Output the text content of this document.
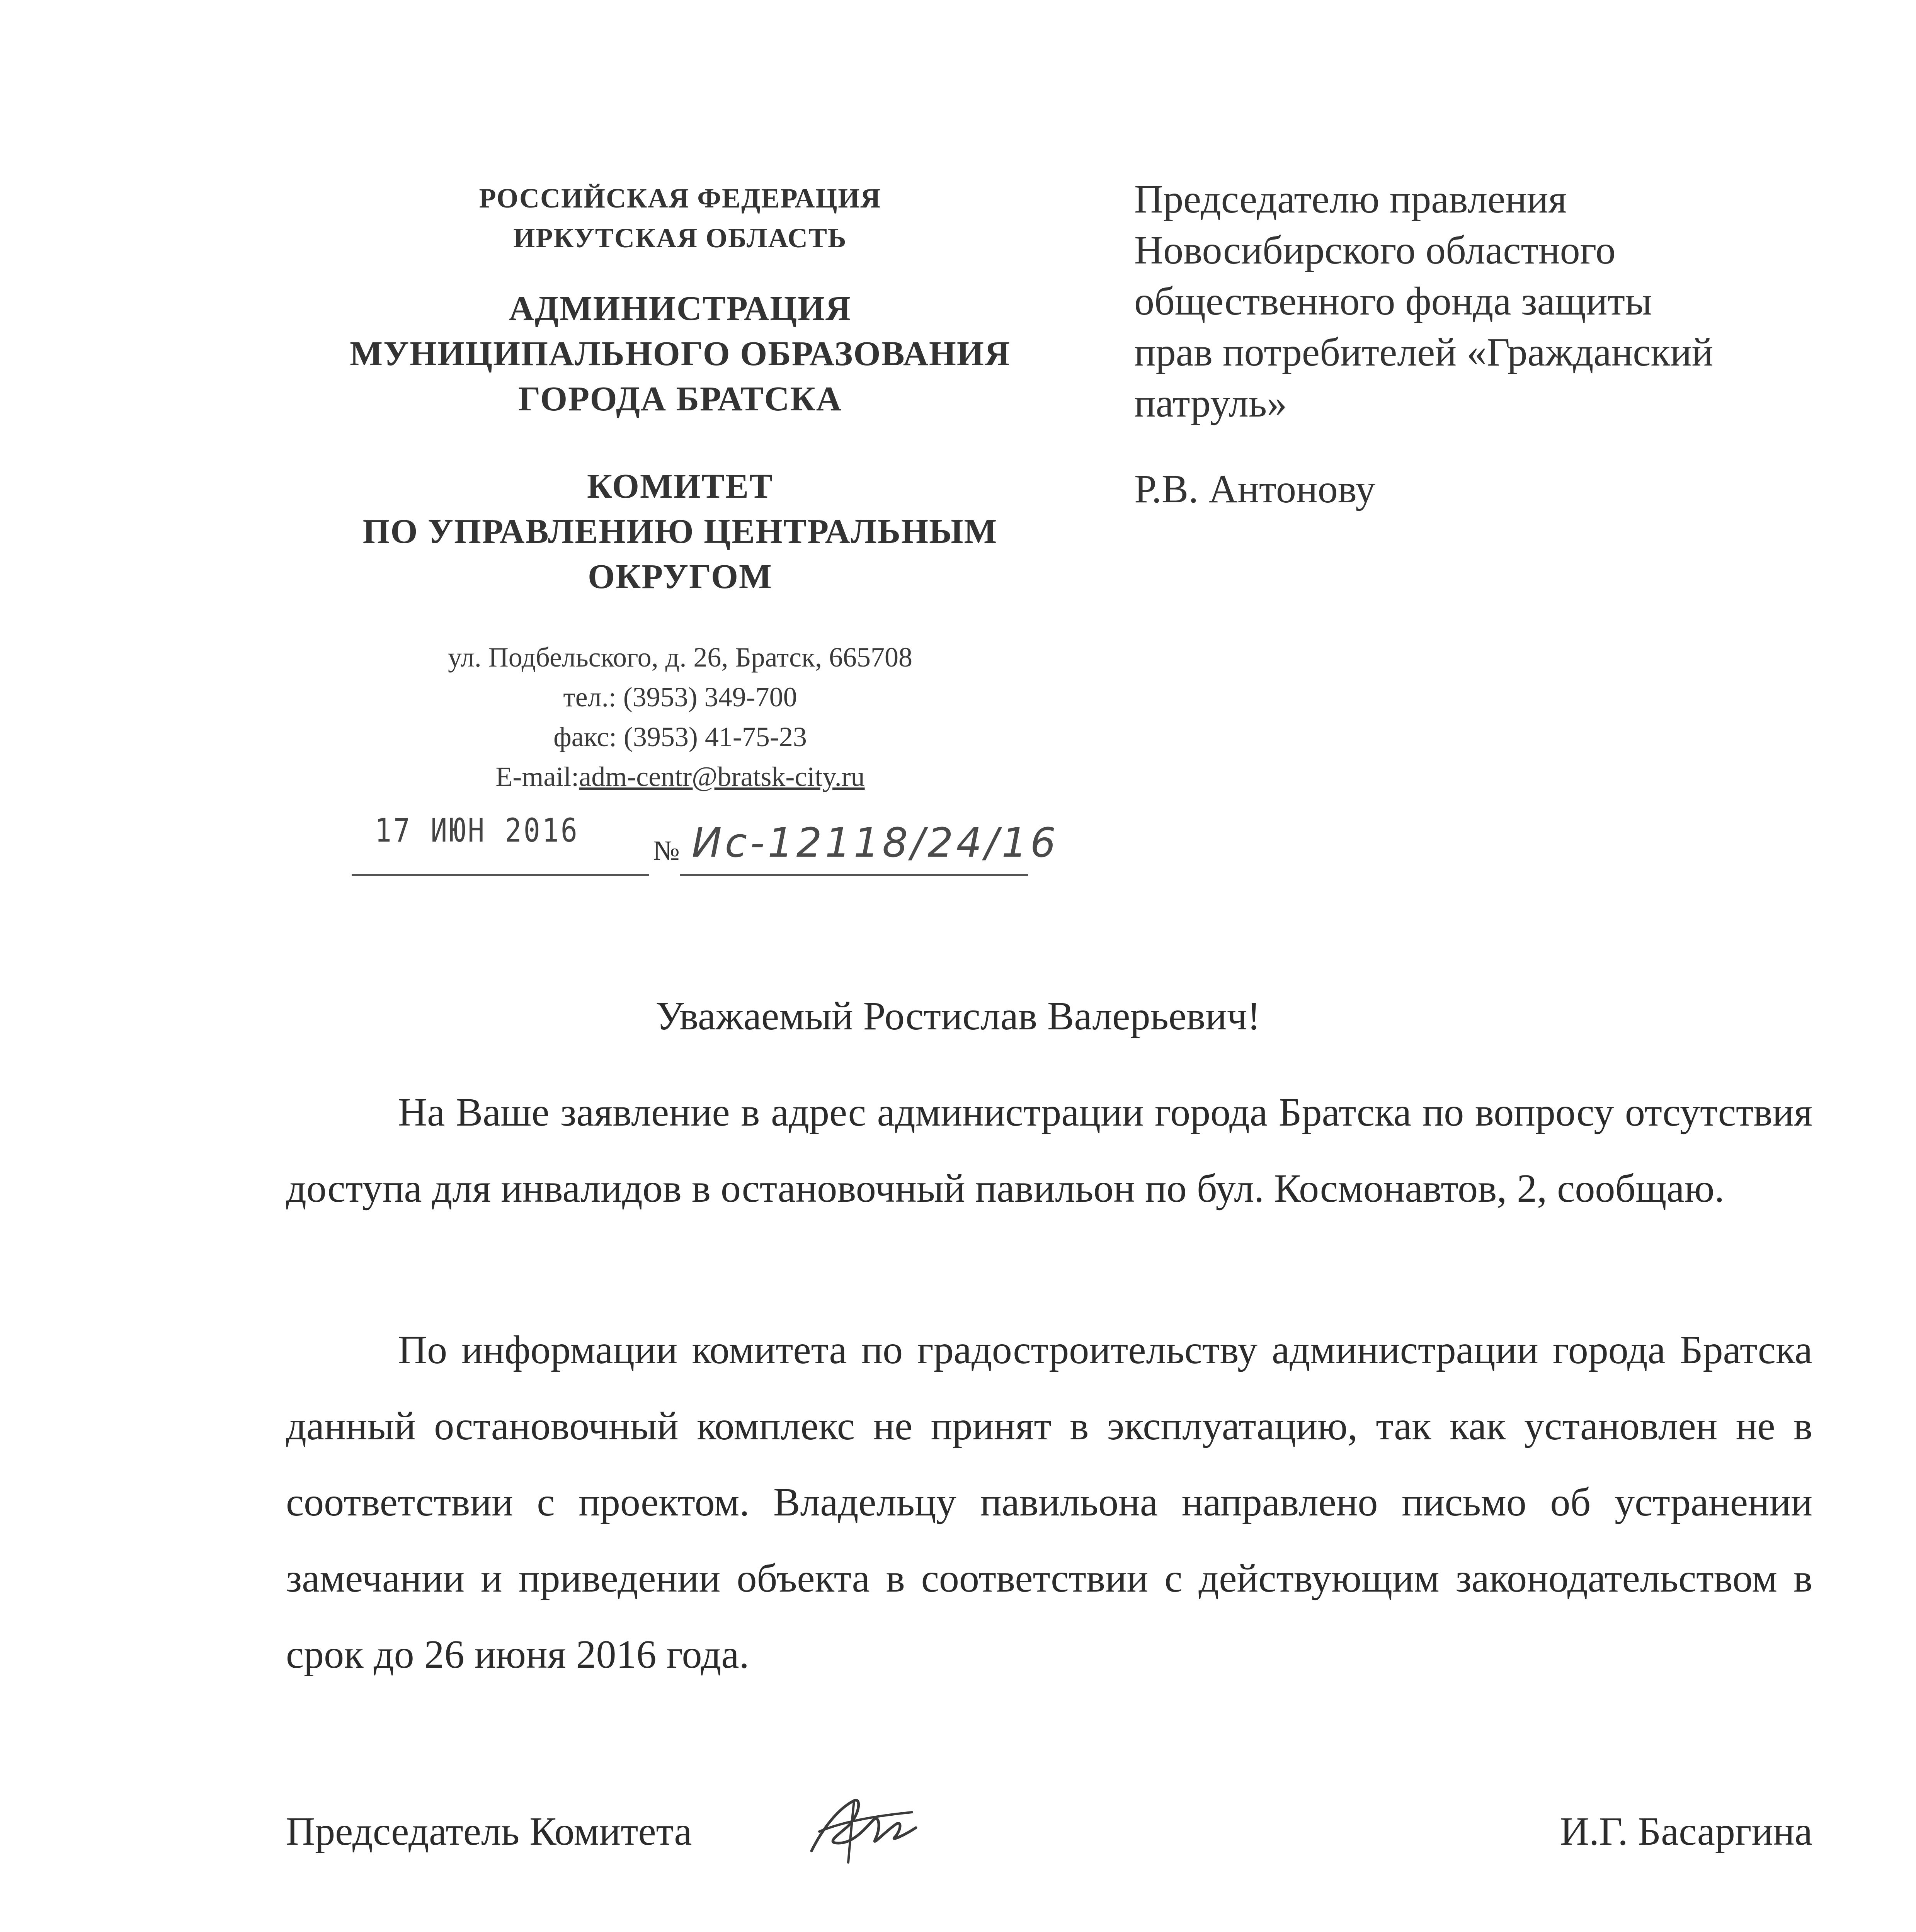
РОССИЙСКАЯ ФЕДЕРАЦИЯ
ИРКУТСКАЯ ОБЛАСТЬ
АДМИНИСТРАЦИЯ
МУНИЦИПАЛЬНОГО ОБРАЗОВАНИЯ
ГОРОДА БРАТСКА
КОМИТЕТ
ПО УПРАВЛЕНИЮ ЦЕНТРАЛЬНЫМ
ОКРУГОМ
ул. Подбельского, д. 26, Братск, 665708
тел.: (3953) 349-700
факс: (3953) 41-75-23
E-mail:adm-centr@bratsk-city.ru
17 ИЮН 2016
№ Ис-12118/24/16
Председателю правления
Новосибирского областного
общественного фонда защиты
прав потребителей «Гражданский
патруль»
Р.В. Антонову
Уважаемый Ростислав Валерьевич!

На Ваше заявление в адрес администрации города Братска по вопросу отсутствия доступа для инвалидов в остановочный павильон по бул. Космонавтов, 2, сообщаю.

По информации комитета по градостроительству администрации города Братска данный остановочный комплекс не принят в эксплуатацию, так как установлен не в соответствии с проектом. Владельцу павильона направлено письмо об устранении замечании и приведении объекта в соответствии с действующим законодательством в срок до 26 июня 2016 года.

Председатель Комитета	И.Г. Басаргина
